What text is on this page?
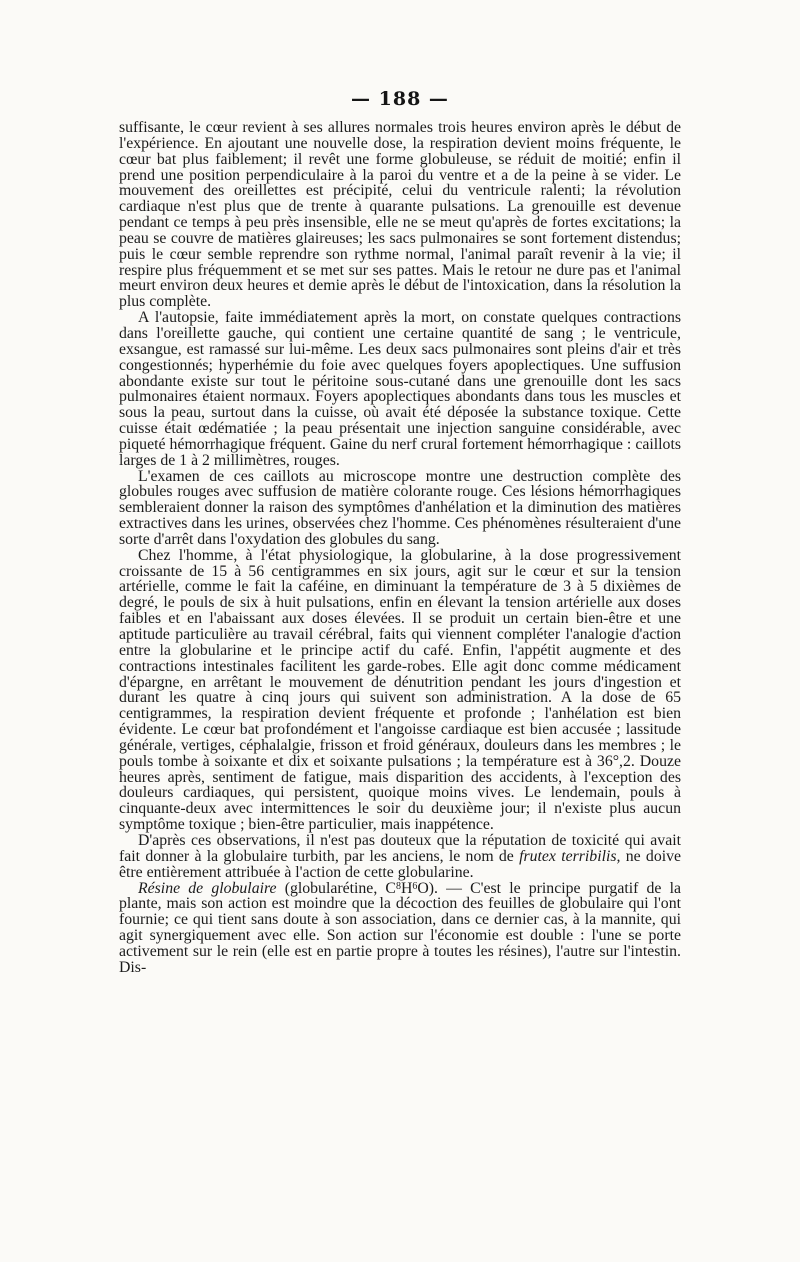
— 188 —

suffisante, le cœur revient à ses allures normales trois heures environ après le début de l'expérience. En ajoutant une nouvelle dose, la respiration devient moins fréquente, le cœur bat plus faiblement; il revêt une forme globuleuse, se réduit de moitié; enfin il prend une position perpendiculaire à la paroi du ventre et a de la peine à se vider. Le mouvement des oreillettes est précipité, celui du ventricule ralenti; la révolution cardiaque n'est plus que de trente à quarante pulsations. La grenouille est devenue pendant ce temps à peu près insensible, elle ne se meut qu'après de fortes excitations; la peau se couvre de matières glaireuses; les sacs pulmonaires se sont fortement distendus; puis le cœur semble reprendre son rythme normal, l'animal paraît revenir à la vie; il respire plus fréquemment et se met sur ses pattes. Mais le retour ne dure pas et l'animal meurt environ deux heures et demie après le début de l'intoxication, dans la résolution la plus complète.

A l'autopsie, faite immédiatement après la mort, on constate quelques contractions dans l'oreillette gauche, qui contient une certaine quantité de sang ; le ventricule, exsangue, est ramassé sur lui-même. Les deux sacs pulmonaires sont pleins d'air et très congestionnés; hyperhémie du foie avec quelques foyers apoplectiques. Une suffusion abondante existe sur tout le péritoine sous-cutané dans une grenouille dont les sacs pulmonaires étaient normaux. Foyers apoplectiques abondants dans tous les muscles et sous la peau, surtout dans la cuisse, où avait été déposée la substance toxique. Cette cuisse était œdématiée ; la peau présentait une injection sanguine considérable, avec piqueté hémorrhagique fréquent. Gaine du nerf crural fortement hémorrhagique : caillots larges de 1 à 2 millimètres, rouges.

L'examen de ces caillots au microscope montre une destruction complète des globules rouges avec suffusion de matière colorante rouge. Ces lésions hémorrhagiques sembleraient donner la raison des symptômes d'anhélation et la diminution des matières extractives dans les urines, observées chez l'homme. Ces phénomènes résulteraient d'une sorte d'arrêt dans l'oxydation des globules du sang.

Chez l'homme, à l'état physiologique, la globularine, à la dose progressivement croissante de 15 à 56 centigrammes en six jours, agit sur le cœur et sur la tension artérielle, comme le fait la caféine, en diminuant la température de 3 à 5 dixièmes de degré, le pouls de six à huit pulsations, enfin en élevant la tension artérielle aux doses faibles et en l'abaissant aux doses élevées. Il se produit un certain bien-être et une aptitude particulière au travail cérébral, faits qui viennent compléter l'analogie d'action entre la globularine et le principe actif du café. Enfin, l'appétit augmente et des contractions intestinales facilitent les garde-robes. Elle agit donc comme médicament d'épargne, en arrêtant le mouvement de dénutrition pendant les jours d'ingestion et durant les quatre à cinq jours qui suivent son administration. A la dose de 65 centigrammes, la respiration devient fréquente et profonde ; l'anhélation est bien évidente. Le cœur bat profondément et l'angoisse cardiaque est bien accusée ; lassitude générale, vertiges, céphalalgie, frisson et froid généraux, douleurs dans les membres ; le pouls tombe à soixante et dix et soixante pulsations ; la température est à 36°,2. Douze heures après, sentiment de fatigue, mais disparition des accidents, à l'exception des douleurs cardiaques, qui persistent, quoique moins vives. Le lendemain, pouls à cinquante-deux avec intermittences le soir du deuxième jour; il n'existe plus aucun symptôme toxique ; bien-être particulier, mais inappétence.

D'après ces observations, il n'est pas douteux que la réputation de toxicité qui avait fait donner à la globulaire turbith, par les anciens, le nom de frutex terribilis, ne doive être entièrement attribuée à l'action de cette globularine.

Résine de globulaire (globularétine, $C^8H^6O$). — C'est le principe purgatif de la plante, mais son action est moindre que la décoction des feuilles de globulaire qui l'ont fournie; ce qui tient sans doute à son association, dans ce dernier cas, à la mannite, qui agit synergiquement avec elle. Son action sur l'économie est double : l'une se porte activement sur le rein (elle est en partie propre à toutes les résines), l'autre sur l'intestin. Dis-
